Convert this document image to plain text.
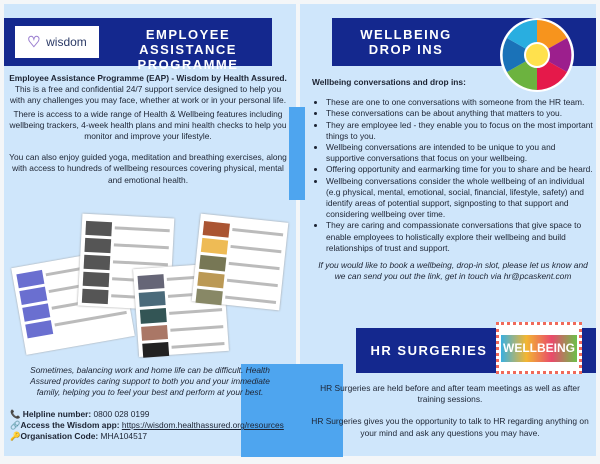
♡ wisdom	EMPLOYEE ASSISTANCE
PROGRAMME
Employee Assistance Programme (EAP) - Wisdom by Health Assured.
This is a free and confidential 24/7 support service designed to help you with any challenges you may face, whether at work or in your personal life.
There is access to a wide range of Health & Wellbeing features including wellbeing trackers, 4-week health plans and mini health checks to help you monitor and improve your lifestyle.
You can also enjoy guided yoga, meditation and breathing exercises, along with access to hundreds of wellbeing resources covering physical, mental and emotional health.
Sometimes, balancing work and home life can be difficult. Health Assured provides caring support to both you and your immediate family, helping you to feel your best and perform at your best.
📞 Helpline number: 0800 028 0199
🔗Access the Wisdom app: https://wisdom.healthassured.org/resources
🔑Organisation Code: MHA104517
WELLBEING
DROP INS
Wellbeing conversations and drop ins:
• These are one to one conversations with someone from the HR team.
• These conversations can be about anything that matters to you.
• They are employee led - they enable you to focus on the most important things to you.
• Wellbeing conversations are intended to be unique to you and supportive conversations that focus on your wellbeing.
• Offering opportunity and earmarking time for you to share and be heard.
• Wellbeing conversations consider the whole wellbeing of an individual (e.g physical, mental, emotional, social, financial, lifestyle, safety) and identify areas of potential support, signposting to that support and considering wellbeing over time.
• They are caring and compassionate conversations that give space to enable employees to holistically explore their wellbeing and build relationships of trust and support.
If you would like to book a wellbeing, drop-in slot, please let us know and we can send you out the link, get in touch via hr@pcaskent.com
HR SURGERIES	WELLBEING
HR Surgeries are held before and after team meetings as well as after training sessions.
HR Surgeries gives you the opportunity to talk to HR regarding anything on your mind and ask any questions you may have.
